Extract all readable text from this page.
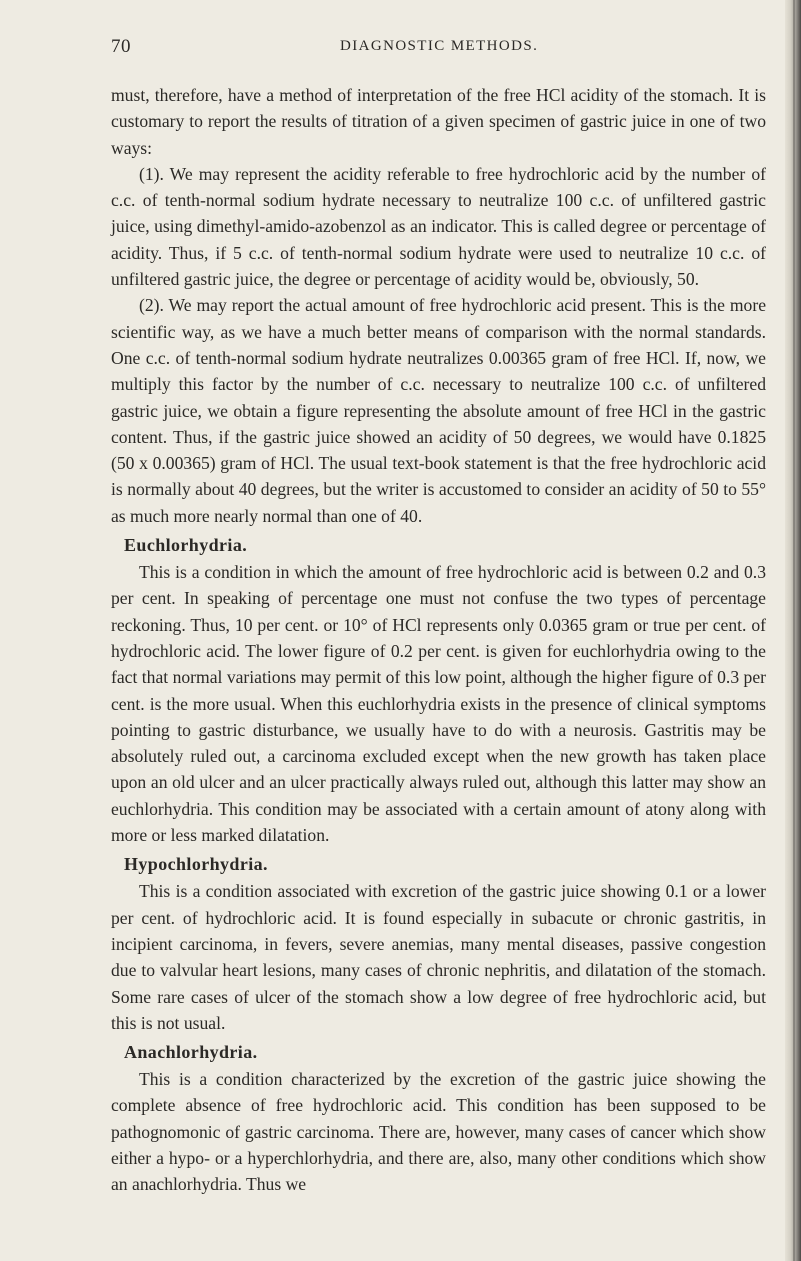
70	DIAGNOSTIC METHODS.

must, therefore, have a method of interpretation of the free HCl acidity of the stomach. It is customary to report the results of titration of a given specimen of gastric juice in one of two ways:

(1). We may represent the acidity referable to free hydrochloric acid by the number of c.c. of tenth-normal sodium hydrate necessary to neutralize 100 c.c. of unfiltered gastric juice, using dimethyl-amido-azobenzol as an indicator. This is called degree or percentage of acidity. Thus, if 5 c.c. of tenth-normal sodium hydrate were used to neutralize 10 c.c. of unfiltered gastric juice, the degree or percentage of acidity would be, obviously, 50.

(2). We may report the actual amount of free hydrochloric acid present. This is the more scientific way, as we have a much better means of comparison with the normal standards. One c.c. of tenth-normal sodium hydrate neutralizes 0.00365 gram of free HCl. If, now, we multiply this factor by the number of c.c. necessary to neutralize 100 c.c. of unfiltered gastric juice, we obtain a figure representing the absolute amount of free HCl in the gastric content. Thus, if the gastric juice showed an acidity of 50 degrees, we would have 0.1825 (50 x 0.00365) gram of HCl. The usual text-book statement is that the free hydrochloric acid is normally about 40 degrees, but the writer is accustomed to consider an acidity of 50 to 55° as much more nearly normal than one of 40.

Euchlorhydria.

This is a condition in which the amount of free hydrochloric acid is between 0.2 and 0.3 per cent. In speaking of percentage one must not confuse the two types of percentage reckoning. Thus, 10 per cent. or 10° of HCl represents only 0.0365 gram or true per cent. of hydrochloric acid. The lower figure of 0.2 per cent. is given for euchlorhydria owing to the fact that normal variations may permit of this low point, although the higher figure of 0.3 per cent. is the more usual. When this euchlorhydria exists in the presence of clinical symptoms pointing to gastric disturbance, we usually have to do with a neurosis. Gastritis may be absolutely ruled out, a carcinoma excluded except when the new growth has taken place upon an old ulcer and an ulcer practically always ruled out, although this latter may show an euchlorhydria. This condition may be associated with a certain amount of atony along with more or less marked dilatation.

Hypochlorhydria.

This is a condition associated with excretion of the gastric juice showing 0.1 or a lower per cent. of hydrochloric acid. It is found especially in subacute or chronic gastritis, in incipient carcinoma, in fevers, severe anemias, many mental diseases, passive congestion due to valvular heart lesions, many cases of chronic nephritis, and dilatation of the stomach. Some rare cases of ulcer of the stomach show a low degree of free hydrochloric acid, but this is not usual.

Anachlorhydria.

This is a condition characterized by the excretion of the gastric juice showing the complete absence of free hydrochloric acid. This condition has been supposed to be pathognomonic of gastric carcinoma. There are, however, many cases of cancer which show either a hypo- or a hyperchlorhydria, and there are, also, many other conditions which show an anachlorhydria. Thus we
